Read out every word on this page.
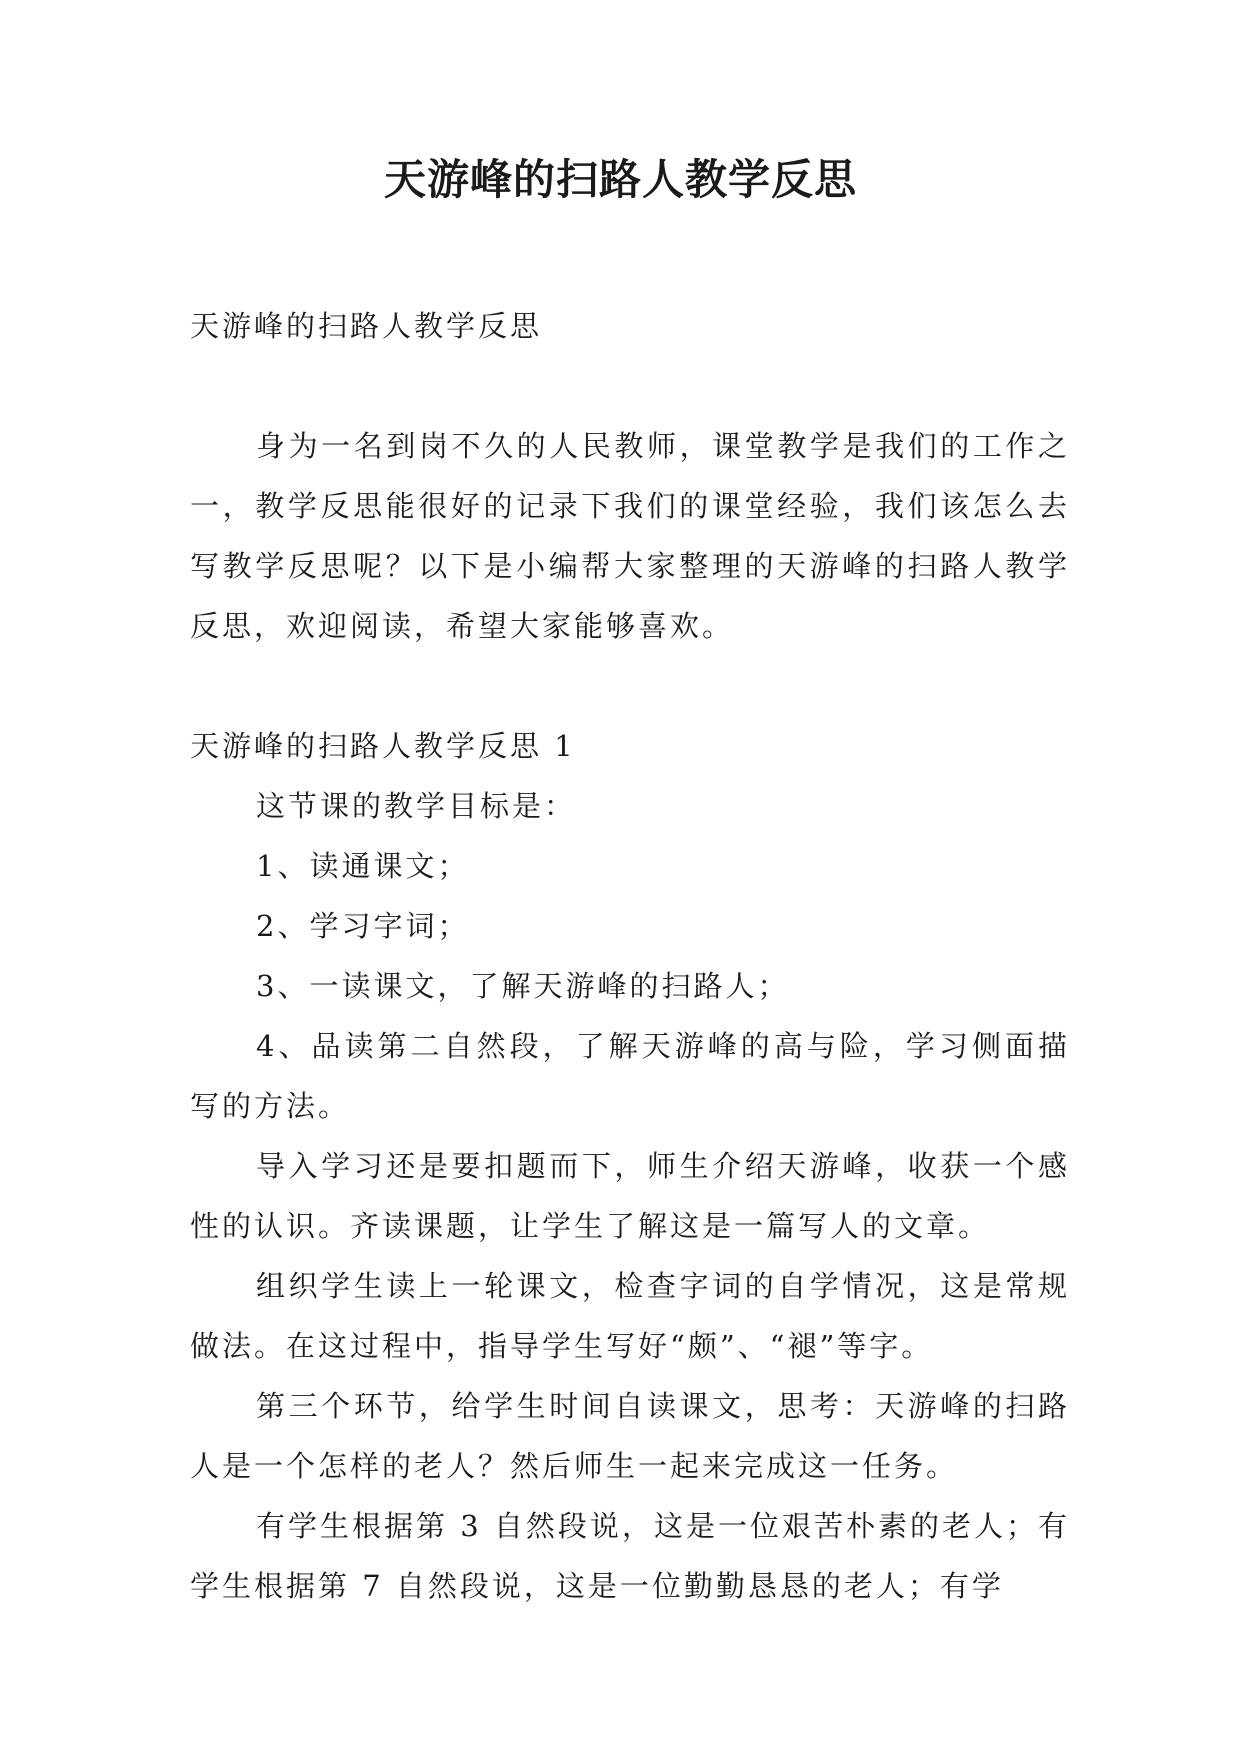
天游峰的扫路人教学反思

天游峰的扫路人教学反思

身为一名到岗不久的人民教师，课堂教学是我们的工作之一，教学反思能很好的记录下我们的课堂经验，我们该怎么去写教学反思呢？以下是小编帮大家整理的天游峰的扫路人教学反思，欢迎阅读，希望大家能够喜欢。

天游峰的扫路人教学反思 1

这节课的教学目标是：

1、读通课文；

2、学习字词；

3、一读课文，了解天游峰的扫路人；

4、品读第二自然段，了解天游峰的高与险，学习侧面描写的方法。

导入学习还是要扣题而下，师生介绍天游峰，收获一个感性的认识。齐读课题，让学生了解这是一篇写人的文章。

组织学生读上一轮课文，检查字词的自学情况，这是常规做法。在这过程中，指导学生写好“颇”、“褪”等字。

第三个环节，给学生时间自读课文，思考：天游峰的扫路人是一个怎样的老人？然后师生一起来完成这一任务。

有学生根据第 3 自然段说，这是一位艰苦朴素的老人；有学生根据第 7 自然段说，这是一位勤勤恳恳的老人；有学
